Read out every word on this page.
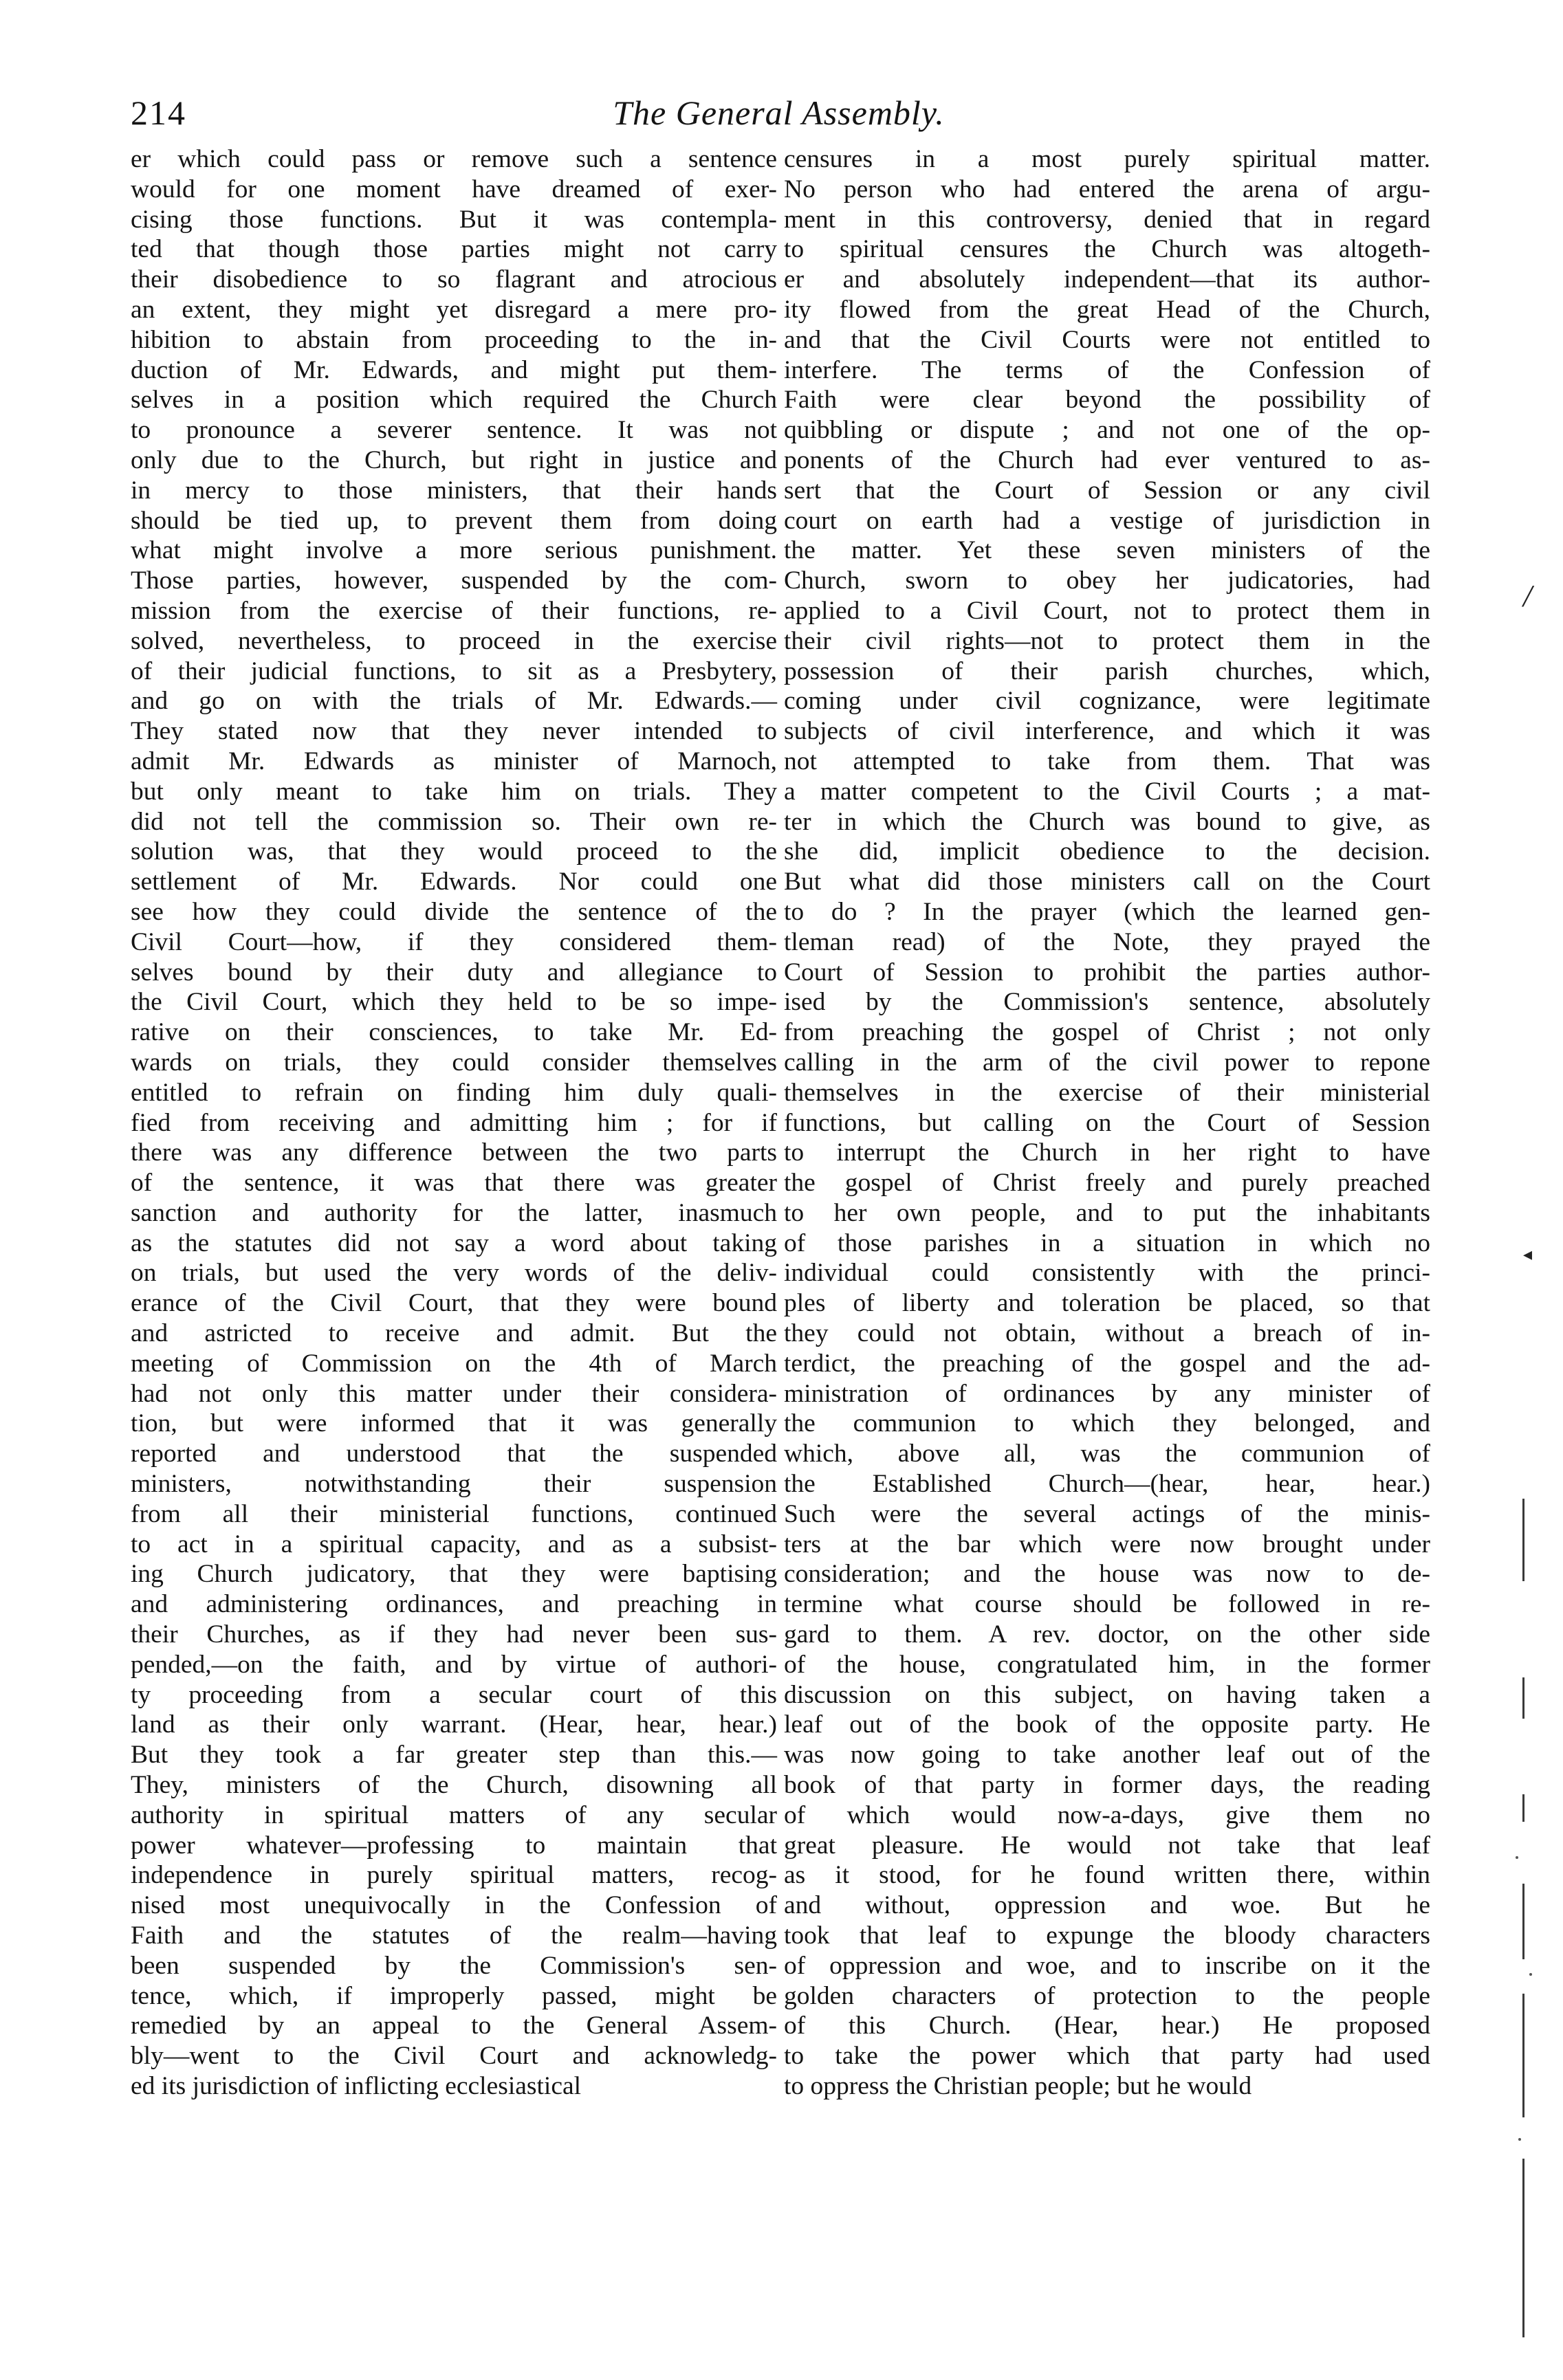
214	The General Assembly.
er which could pass or remove such a sentence
would for one moment have dreamed of exer-
cising those functions. But it was contempla-
ted that though those parties might not carry
their disobedience to so flagrant and atrocious
an extent, they might yet disregard a mere pro-
hibition to abstain from proceeding to the in-
duction of Mr. Edwards, and might put them-
selves in a position which required the Church
to pronounce a severer sentence. It was not
only due to the Church, but right in justice and
in mercy to those ministers, that their hands
should be tied up, to prevent them from doing
what might involve a more serious punishment.
Those parties, however, suspended by the com-
mission from the exercise of their functions, re-
solved, nevertheless, to proceed in the exercise
of their judicial functions, to sit as a Presbytery,
and go on with the trials of Mr. Edwards.—
They stated now that they never intended to
admit Mr. Edwards as minister of Marnoch,
but only meant to take him on trials. They
did not tell the commission so. Their own re-
solution was, that they would proceed to the
settlement of Mr. Edwards. Nor could one
see how they could divide the sentence of the
Civil Court—how, if they considered them-
selves bound by their duty and allegiance to
the Civil Court, which they held to be so impe-
rative on their consciences, to take Mr. Ed-
wards on trials, they could consider themselves
entitled to refrain on finding him duly quali-
fied from receiving and admitting him ; for if
there was any difference between the two parts
of the sentence, it was that there was greater
sanction and authority for the latter, inasmuch
as the statutes did not say a word about taking
on trials, but used the very words of the deliv-
erance of the Civil Court, that they were bound
and astricted to receive and admit. But the
meeting of Commission on the 4th of March
had not only this matter under their considera-
tion, but were informed that it was generally
reported and understood that the suspended
ministers, notwithstanding their suspension
from all their ministerial functions, continued
to act in a spiritual capacity, and as a subsist-
ing Church judicatory, that they were baptising
and administering ordinances, and preaching in
their Churches, as if they had never been sus-
pended,—on the faith, and by virtue of authori-
ty proceeding from a secular court of this
land as their only warrant. (Hear, hear, hear.)
But they took a far greater step than this.—
They, ministers of the Church, disowning all
authority in spiritual matters of any secular
power whatever—professing to maintain that
independence in purely spiritual matters, recog-
nised most unequivocally in the Confession of
Faith and the statutes of the realm—having
been suspended by the Commission's sen-
tence, which, if improperly passed, might be
remedied by an appeal to the General Assem-
bly—went to the Civil Court and acknowledg-
ed its jurisdiction of inflicting ecclesiastical
censures in a most purely spiritual matter.
No person who had entered the arena of argu-
ment in this controversy, denied that in regard
to spiritual censures the Church was altogeth-
er and absolutely independent—that its author-
ity flowed from the great Head of the Church,
and that the Civil Courts were not entitled to
interfere. The terms of the Confession of
Faith were clear beyond the possibility of
quibbling or dispute ; and not one of the op-
ponents of the Church had ever ventured to as-
sert that the Court of Session or any civil
court on earth had a vestige of jurisdiction in
the matter. Yet these seven ministers of the
Church, sworn to obey her judicatories, had
applied to a Civil Court, not to protect them in
their civil rights—not to protect them in the
possession of their parish churches, which,
coming under civil cognizance, were legitimate
subjects of civil interference, and which it was
not attempted to take from them. That was
a matter competent to the Civil Courts ; a mat-
ter in which the Church was bound to give, as
she did, implicit obedience to the decision.
But what did those ministers call on the Court
to do ? In the prayer (which the learned gen-
tleman read) of the Note, they prayed the
Court of Session to prohibit the parties author-
ised by the Commission's sentence, absolutely
from preaching the gospel of Christ ; not only
calling in the arm of the civil power to repone
themselves in the exercise of their ministerial
functions, but calling on the Court of Session
to interrupt the Church in her right to have
the gospel of Christ freely and purely preached
to her own people, and to put the inhabitants
of those parishes in a situation in which no
individual could consistently with the princi-
ples of liberty and toleration be placed, so that
they could not obtain, without a breach of in-
terdict, the preaching of the gospel and the ad-
ministration of ordinances by any minister of
the communion to which they belonged, and
which, above all, was the communion of
the Established Church—(hear, hear, hear.)
Such were the several actings of the minis-
ters at the bar which were now brought under
consideration; and the house was now to de-
termine what course should be followed in re-
gard to them. A rev. doctor, on the other side
of the house, congratulated him, in the former
discussion on this subject, on having taken a
leaf out of the book of the opposite party. He
was now going to take another leaf out of the
book of that party in former days, the reading
of which would now-a-days, give them no
great pleasure. He would not take that leaf
as it stood, for he found written there, within
and without, oppression and woe. But he
took that leaf to expunge the bloody characters
of oppression and woe, and to inscribe on it the
golden characters of protection to the people
of this Church. (Hear, hear.) He proposed
to take the power which that party had used
to oppress the Christian people; but he would
/
◂
